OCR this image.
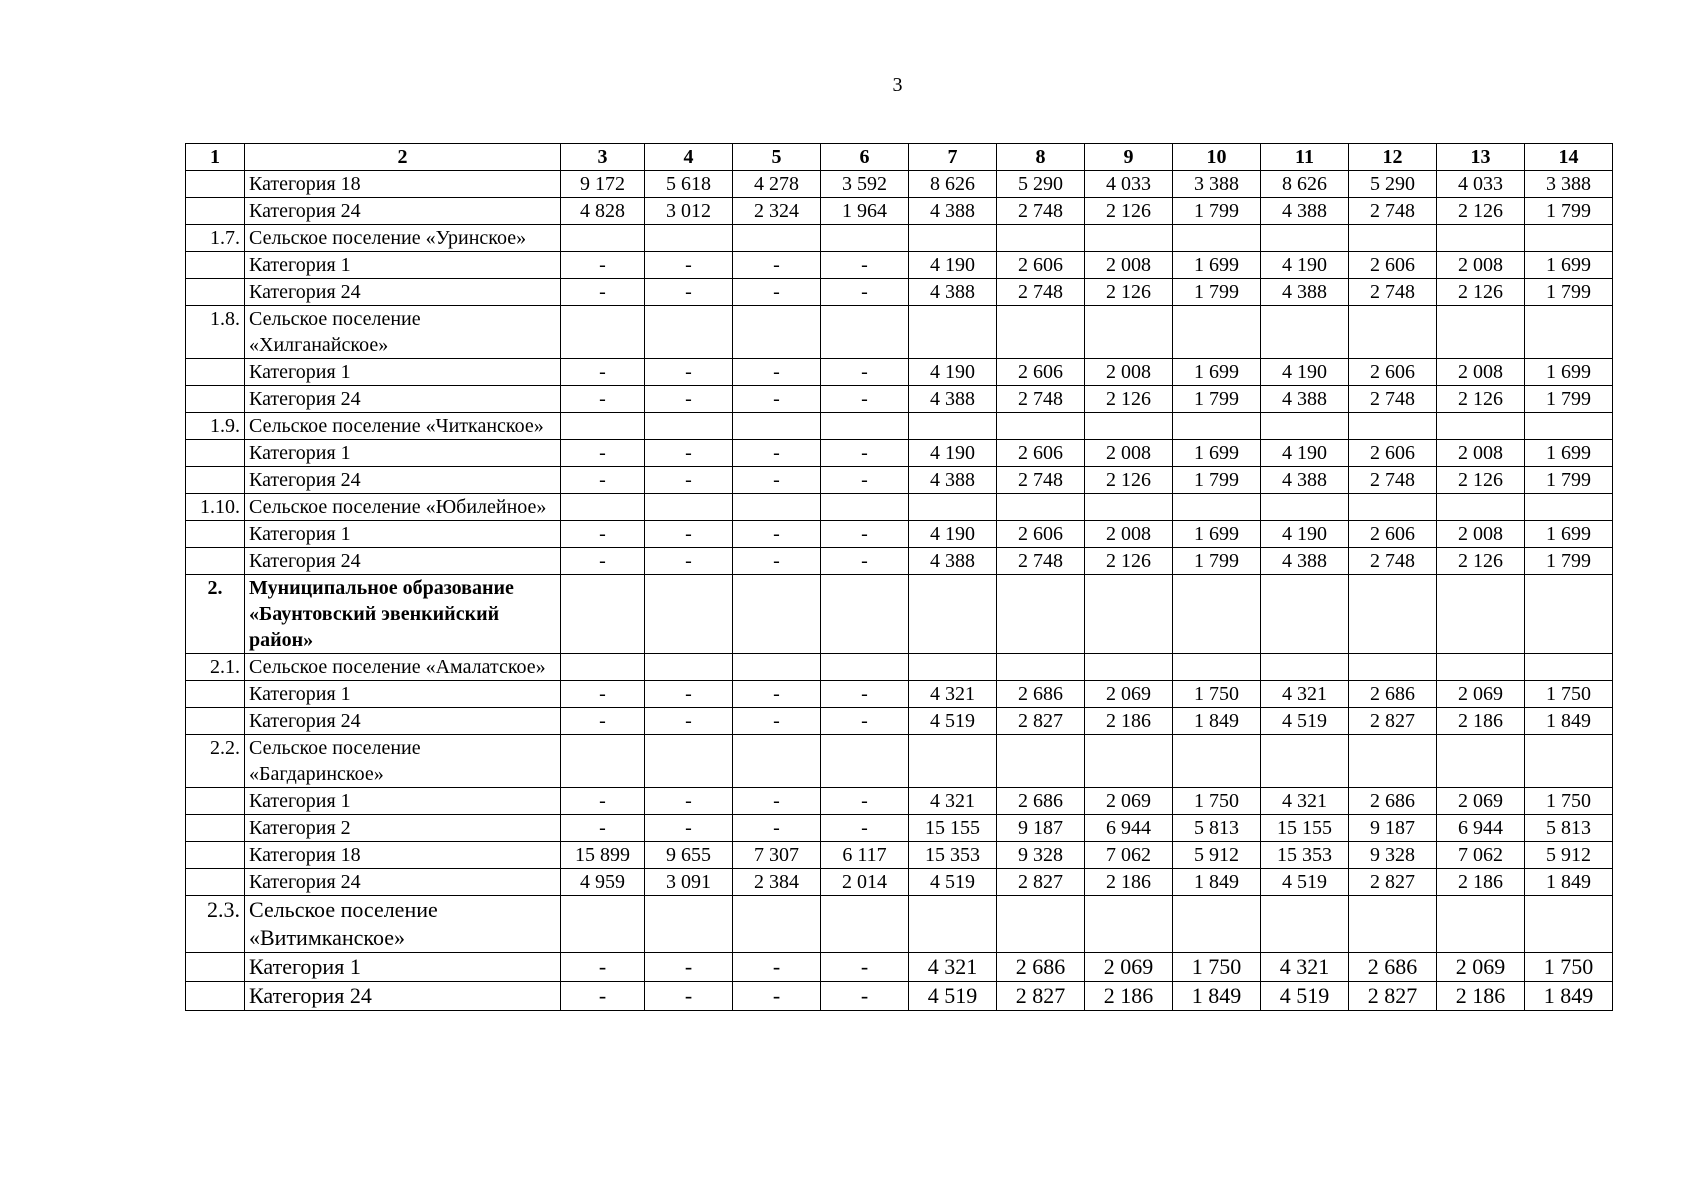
3
1	2	3	4	5	6	7	8	9	10	11	12	13	14
	Категория 18	9 172	5 618	4 278	3 592	8 626	5 290	4 033	3 388	8 626	5 290	4 033	3 388
	Категория 24	4 828	3 012	2 324	1 964	4 388	2 748	2 126	1 799	4 388	2 748	2 126	1 799
1.7.	Сельское поселение «Уринское»												
	Категория 1	-	-	-	-	4 190	2 606	2 008	1 699	4 190	2 606	2 008	1 699
	Категория 24	-	-	-	-	4 388	2 748	2 126	1 799	4 388	2 748	2 126	1 799
1.8.	Сельское поселение «Хилганайское»												
	Категория 1	-	-	-	-	4 190	2 606	2 008	1 699	4 190	2 606	2 008	1 699
	Категория 24	-	-	-	-	4 388	2 748	2 126	1 799	4 388	2 748	2 126	1 799
1.9.	Сельское поселение «Читканское»												
	Категория 1	-	-	-	-	4 190	2 606	2 008	1 699	4 190	2 606	2 008	1 699
	Категория 24	-	-	-	-	4 388	2 748	2 126	1 799	4 388	2 748	2 126	1 799
1.10.	Сельское поселение «Юбилейное»												
	Категория 1	-	-	-	-	4 190	2 606	2 008	1 699	4 190	2 606	2 008	1 699
	Категория 24	-	-	-	-	4 388	2 748	2 126	1 799	4 388	2 748	2 126	1 799
2.	Муниципальное образование «Баунтовский эвенкийский район»												
2.1.	Сельское поселение «Амалатское»												
	Категория 1	-	-	-	-	4 321	2 686	2 069	1 750	4 321	2 686	2 069	1 750
	Категория 24	-	-	-	-	4 519	2 827	2 186	1 849	4 519	2 827	2 186	1 849
2.2.	Сельское поселение «Багдаринское»												
	Категория 1	-	-	-	-	4 321	2 686	2 069	1 750	4 321	2 686	2 069	1 750
	Категория 2	-	-	-	-	15 155	9 187	6 944	5 813	15 155	9 187	6 944	5 813
	Категория 18	15 899	9 655	7 307	6 117	15 353	9 328	7 062	5 912	15 353	9 328	7 062	5 912
	Категория 24	4 959	3 091	2 384	2 014	4 519	2 827	2 186	1 849	4 519	2 827	2 186	1 849
2.3.	Сельское поселение «Витимканское»												
	Категория 1	-	-	-	-	4 321	2 686	2 069	1 750	4 321	2 686	2 069	1 750
	Категория 24	-	-	-	-	4 519	2 827	2 186	1 849	4 519	2 827	2 186	1 849
